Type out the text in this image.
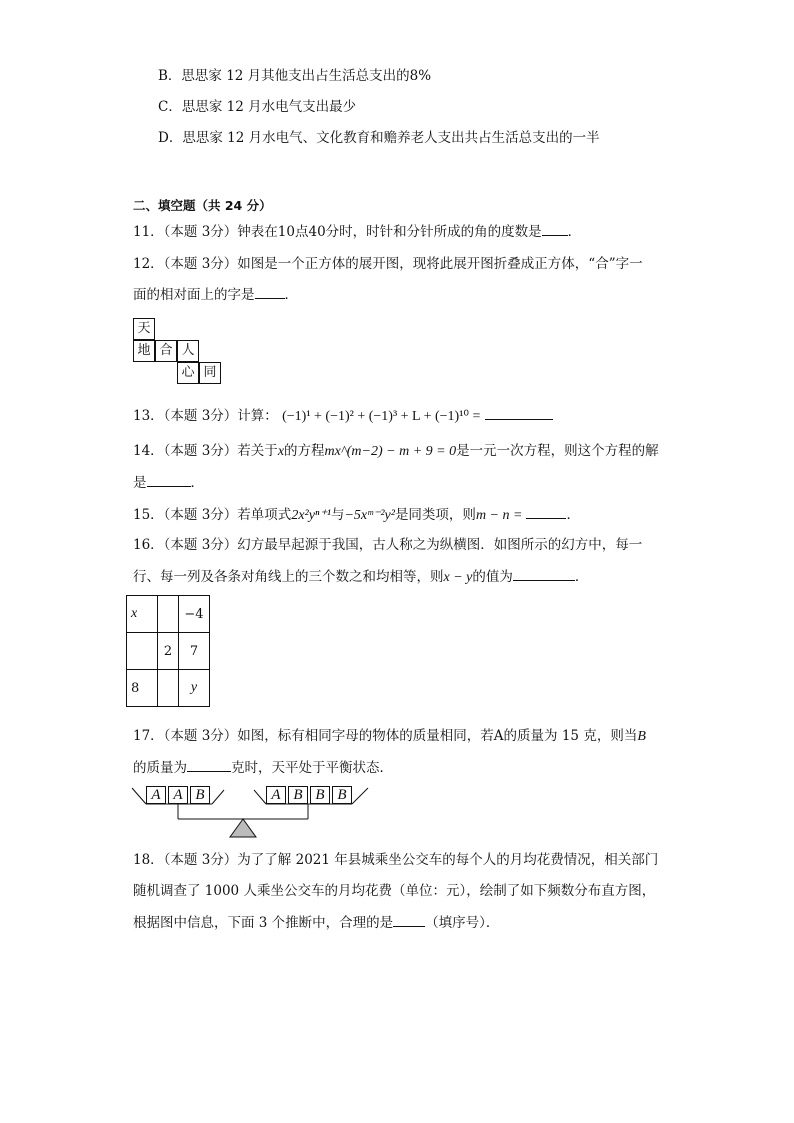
B．思思家 12 月其他支出占生活总支出的8%
C．思思家 12 月水电气支出最少
D．思思家 12 月水电气、文化教育和赡养老人支出共占生活总支出的一半
二、填空题（共 24 分）
11．（本题 3分）钟表在10点40分时，时针和分针所成的角的度数是 ．
12．（本题 3分）如图是一个正方体的展开图，现将此展开图折叠成正方体，“合”字一
面的相对面上的字是 ．
天
地 合 人
心 同
13．（本题 3分）计算： (−1)¹ + (−1)² + (−1)³ + L + (−1)¹⁰ =
14．（本题 3分）若关于x的方程mx^(m−2) − m + 9 = 0是一元一次方程，则这个方程的解
是	．
15．（本题 3分）若单项式2x²yⁿ⁺¹与−5xᵐ⁻²y²是同类项，则m − n =	．
16．（本题 3分）幻方最早起源于我国，古人称之为纵横图．如图所示的幻方中，每一
行、每一列及各条对角线上的三个数之和均相等，则x − y的值为	．
x		−4
	2	7
8		y
17．（本题 3分）如图，标有相同字母的物体的质量相同，若A的质量为 15 克，则当B
的质量为	克时，天平处于平衡状态．
A A B	A B B B
18．（本题 3分）为了了解 2021 年县城乘坐公交车的每个人的月均花费情况，相关部门
随机调查了 1000 人乘坐公交车的月均花费（单位：元），绘制了如下频数分布直方图，
根据图中信息，下面 3 个推断中，合理的是 （填序号）．
